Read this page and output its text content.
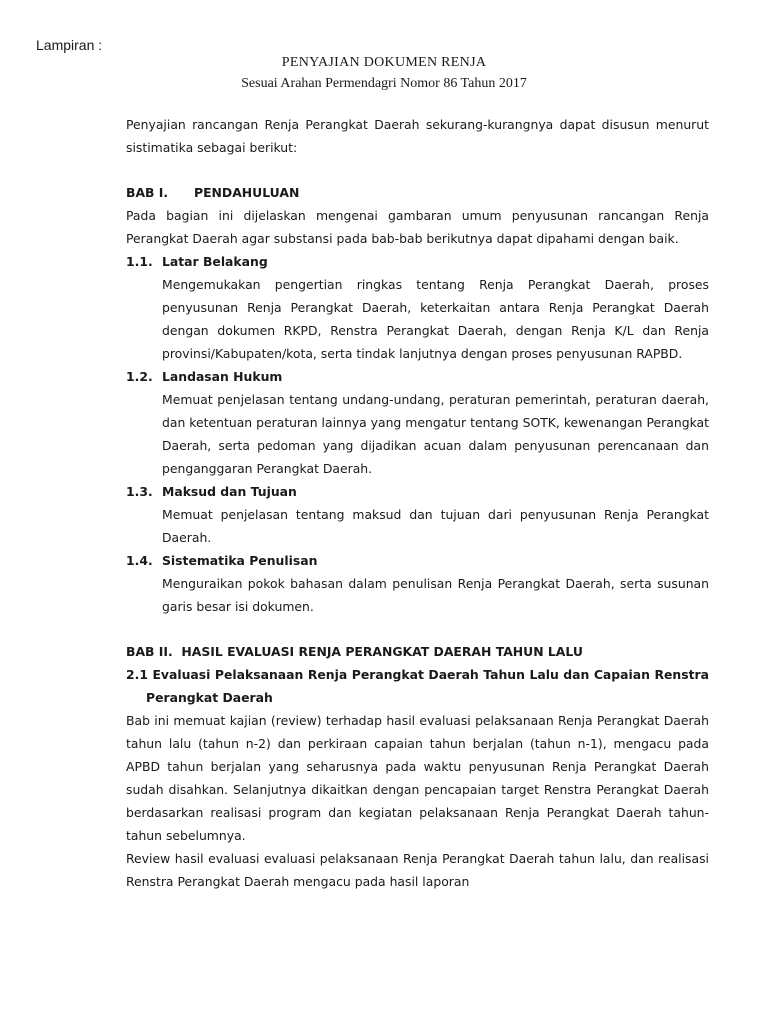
Lampiran :
PENYAJIAN DOKUMEN RENJA
Sesuai Arahan Permendagri Nomor 86 Tahun 2017

Penyajian rancangan Renja Perangkat Daerah sekurang-kurangnya dapat disusun menurut sistimatika sebagai berikut:

BAB I. PENDAHULUAN

Pada bagian ini dijelaskan mengenai gambaran umum penyusunan rancangan Renja Perangkat Daerah agar substansi pada bab-bab berikutnya dapat dipahami dengan baik.

1.1. Latar Belakang

Mengemukakan pengertian ringkas tentang Renja Perangkat Daerah, proses penyusunan Renja Perangkat Daerah, keterkaitan antara Renja Perangkat Daerah dengan dokumen RKPD, Renstra Perangkat Daerah, dengan Renja K/L dan Renja provinsi/Kabupaten/kota, serta tindak lanjutnya dengan proses penyusunan RAPBD.

1.2. Landasan Hukum

Memuat penjelasan tentang undang-undang, peraturan pemerintah, peraturan daerah, dan ketentuan peraturan lainnya yang mengatur tentang SOTK, kewenangan Perangkat Daerah, serta pedoman yang dijadikan acuan dalam penyusunan perencanaan dan penganggaran Perangkat Daerah.

1.3. Maksud dan Tujuan

Memuat penjelasan tentang maksud dan tujuan dari penyusunan Renja Perangkat Daerah.

1.4. Sistematika Penulisan

Menguraikan pokok bahasan dalam penulisan Renja Perangkat Daerah, serta susunan garis besar isi dokumen.

BAB II. HASIL EVALUASI RENJA PERANGKAT DAERAH TAHUN LALU

2.1 Evaluasi Pelaksanaan Renja Perangkat Daerah Tahun Lalu dan Capaian Renstra Perangkat Daerah

Bab ini memuat kajian (review) terhadap hasil evaluasi pelaksanaan Renja Perangkat Daerah tahun lalu (tahun n-2) dan perkiraan capaian tahun berjalan (tahun n-1), mengacu pada APBD tahun berjalan yang seharusnya pada waktu penyusunan Renja Perangkat Daerah sudah disahkan. Selanjutnya dikaitkan dengan pencapaian target Renstra Perangkat Daerah berdasarkan realisasi program dan kegiatan pelaksanaan Renja Perangkat Daerah tahun-tahun sebelumnya.

Review hasil evaluasi evaluasi pelaksanaan Renja Perangkat Daerah tahun lalu, dan realisasi Renstra Perangkat Daerah mengacu pada hasil laporan
